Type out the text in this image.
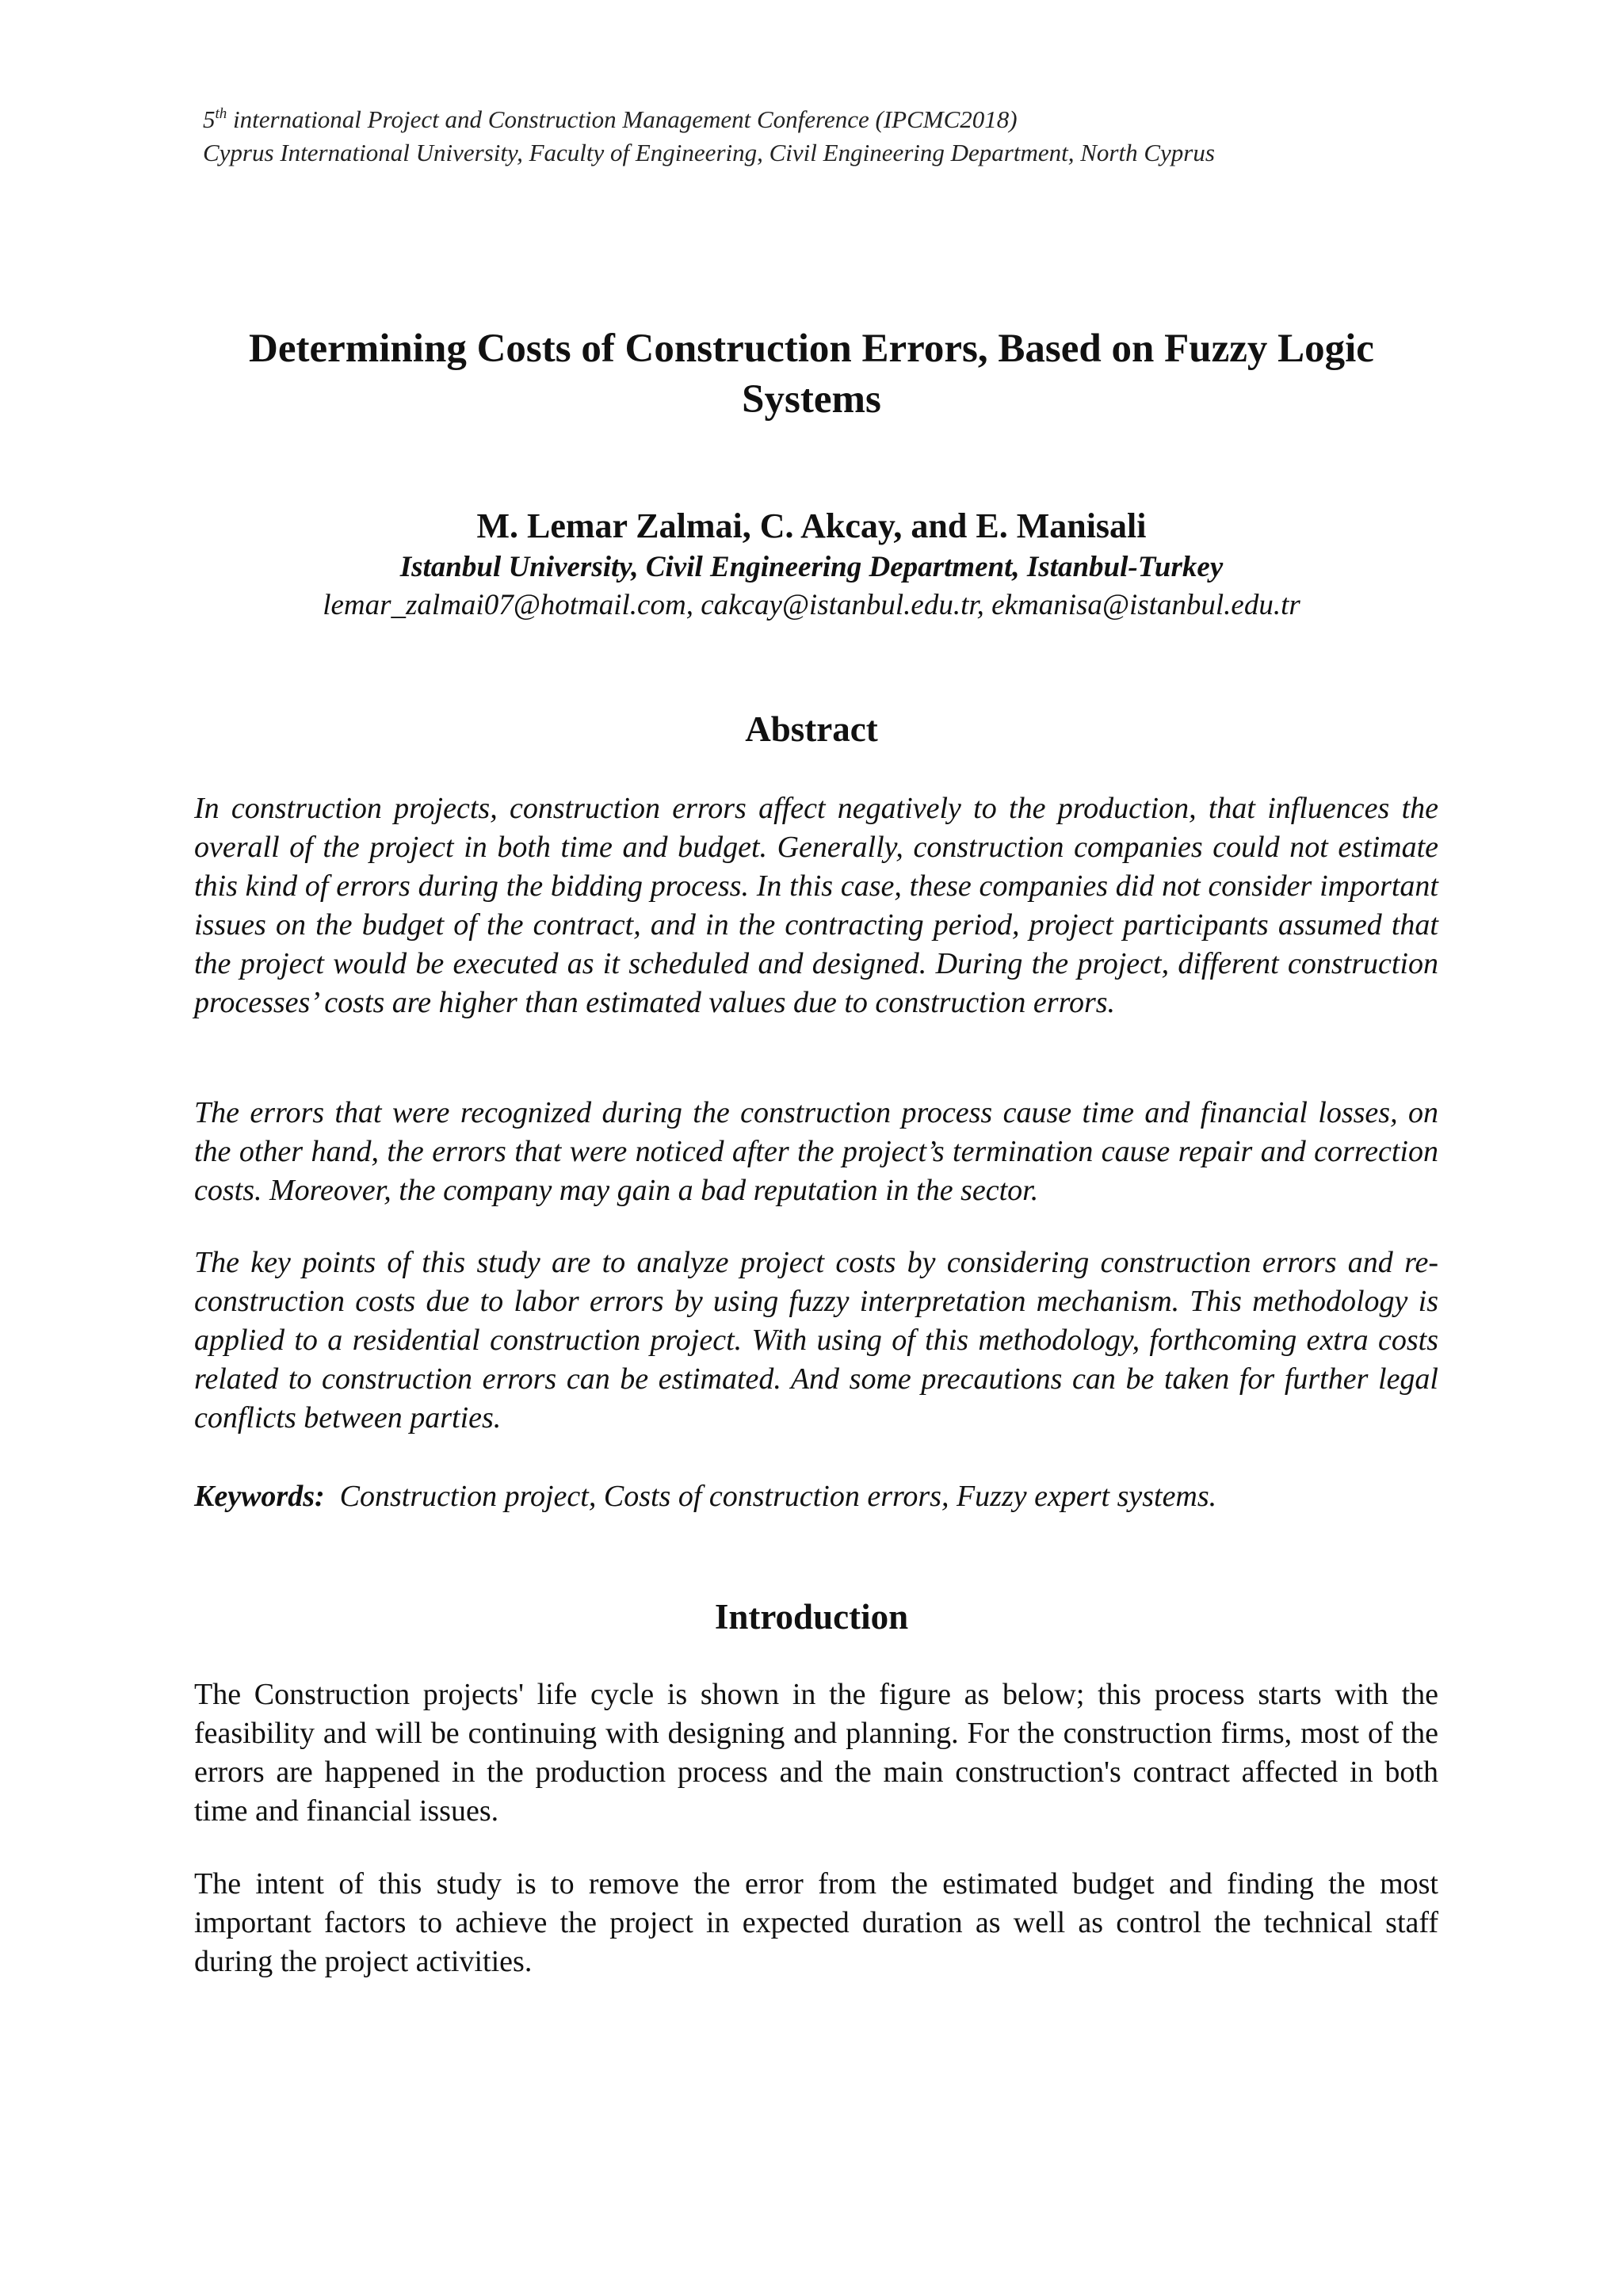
5th international Project and Construction Management Conference (IPCMC2018)
Cyprus International University, Faculty of Engineering, Civil Engineering Department, North Cyprus
Determining Costs of Construction Errors, Based on Fuzzy Logic Systems
M. Lemar Zalmai, C. Akcay, and E. Manisali
Istanbul University, Civil Engineering Department, Istanbul-Turkey
lemar_zalmai07@hotmail.com, cakcay@istanbul.edu.tr, ekmanisa@istanbul.edu.tr
Abstract
In construction projects, construction errors affect negatively to the production, that influences the overall of the project in both time and budget. Generally, construction companies could not estimate this kind of errors during the bidding process. In this case, these companies did not consider important issues on the budget of the contract, and in the contracting period, project participants assumed that the project would be executed as it scheduled and designed. During the project, different construction processes’ costs are higher than estimated values due to construction errors.
The errors that were recognized during the construction process cause time and financial losses, on the other hand, the errors that were noticed after the project’s termination cause repair and correction costs. Moreover, the company may gain a bad reputation in the sector.
The key points of this study are to analyze project costs by considering construction errors and re-construction costs due to labor errors by using fuzzy interpretation mechanism. This methodology is applied to a residential construction project. With using of this methodology, forthcoming extra costs related to construction errors can be estimated. And some precautions can be taken for further legal conflicts between parties.
Keywords: Construction project, Costs of construction errors, Fuzzy expert systems.
Introduction
The Construction projects' life cycle is shown in the figure as below; this process starts with the feasibility and will be continuing with designing and planning. For the construction firms, most of the errors are happened in the production process and the main construction's contract affected in both time and financial issues.
The intent of this study is to remove the error from the estimated budget and finding the most important factors to achieve the project in expected duration as well as control the technical staff during the project activities.
